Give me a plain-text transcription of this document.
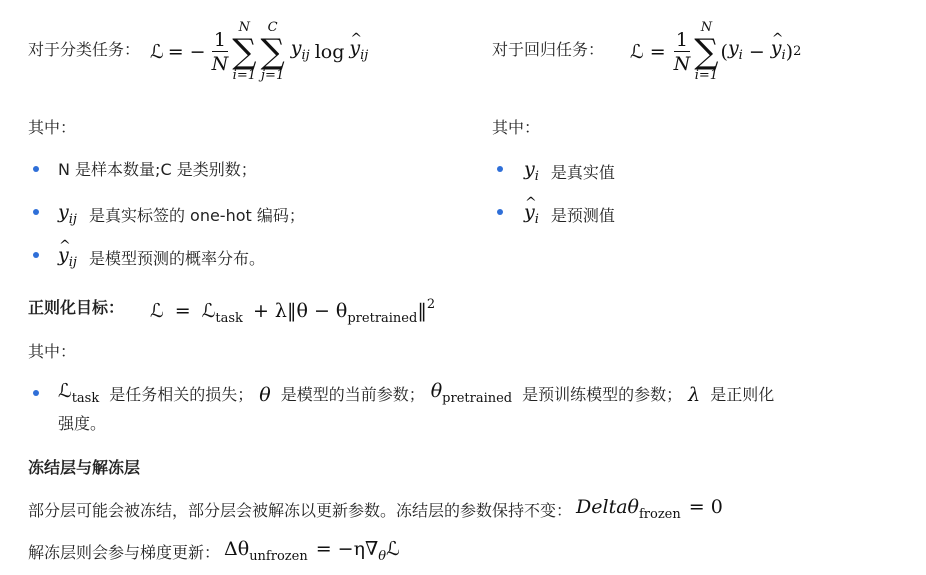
对于分类任务： ℒ = − $\frac{1}{N}$
N
∑
i=1
C
∑
j=1
$y_{ij}$ log ^ $y_{ij}$	对于回归任务： ℒ = $\frac{1}{N}$
N
∑
i=1
( $y_i$ − ^ $y_i$ ) 2
其中：
N 是样本数量;C 是类别数；
$y_{ij}$ 是真实标签的 one-hot 编码；
^ $y_{ij}$ 是模型预测的概率分布。
其中：
$y_i$ 是真实值
^ $y_i$ 是预测值
正则化目标： ℒ = ℒ$_{task}$ + λ‖θ − $\theta_{pretrained}‖^2$
其中：
ℒ$_{task}$ 是任务相关的损失； θ 是模型的当前参数； $\theta_{pretrained}$ 是预训练模型的参数； λ 是正则化
强度。
冻结层与解冻层
部分层可能会被冻结，部分层会被解冻以更新参数。冻结层的参数保持不变： Deltaθ$_{frozen}$ = 0
解冻层则会参与梯度更新： $\Delta\theta_{unfrozen}$ = $-\eta\nabla_\theta ℒ$
